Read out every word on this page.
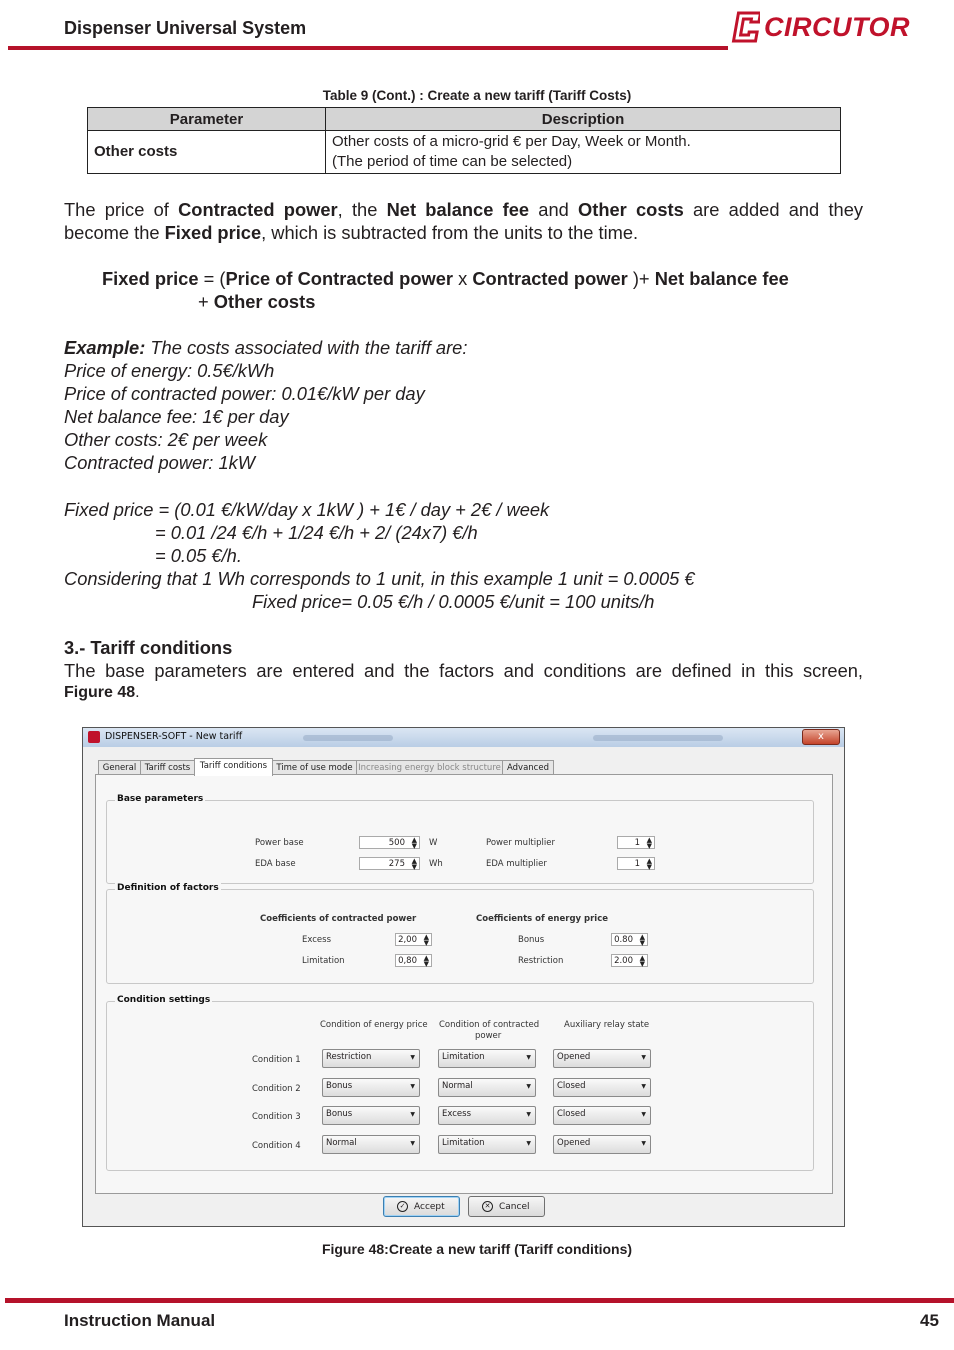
Dispenser Universal System	CIRCUTOR
Table 9 (Cont.) : Create a new tariff (Tariff Costs)
Parameter	Description
Other costs	Other costs of a micro-grid € per Day, Week or Month.
(The period of time can be selected)
The price of Contracted power, the Net balance fee and Other costs are added and they become the Fixed price, which is subtracted from the units to the time.
Fixed price = (Price of Contracted power x Contracted power )+ Net balance fee
+ Other costs
Example: The costs associated with the tariff are:
Price of energy: 0.5€/kWh
Price of contracted power: 0.01€/kW per day
Net balance fee: 1€ per day
Other costs: 2€ per week
Contracted power: 1kW
Fixed price = (0.01 €/kW/day x 1kW ) + 1€ / day + 2€ / week
= 0.01 /24 €/h + 1/24 €/h + 2/ (24x7) €/h
= 0.05 €/h.
Considering that 1 Wh corresponds to 1 unit, in this example 1 unit = 0.0005 €
Fixed price= 0.05 €/h / 0.0005 €/unit = 100 units/h
3.- Tariff conditions
The base parameters are entered and the factors and conditions are defined in this screen,
Figure 48.
DISPENSER-SOFT - New tariff	x
General	Tariff costs	Tariff conditions	Time of use mode Increasing energy block structure Advanced
Base parameters
Power base	500 ▲
▼ W
EDA base	275 ▲
▼ Wh
Power multiplier	1 ▲
▼
EDA multiplier	1 ▲
▼
Definition of factors
Coefficients of contracted power	Coefficients of energy price
Excess	2,00 ▲
▼
Limitation	0,80 ▲
▼
Bonus	0.80 ▲
▼
Restriction	2.00 ▲
▼
Condition settings
Condition of energy price Condition of contracted
power
Auxiliary relay state
Condition 1	Restriction	▼	Limitation	▼	Opened	▼
Condition 2	Bonus	▼	Normal	▼	Closed	▼
Condition 3	Bonus	▼	Excess	▼	Closed	▼
Condition 4	Normal	▼	Limitation	▼	Opened	▼
✓ Accept	✕ Cancel
Figure 48:Create a new tariff (Tariff conditions)
Instruction Manual	45
